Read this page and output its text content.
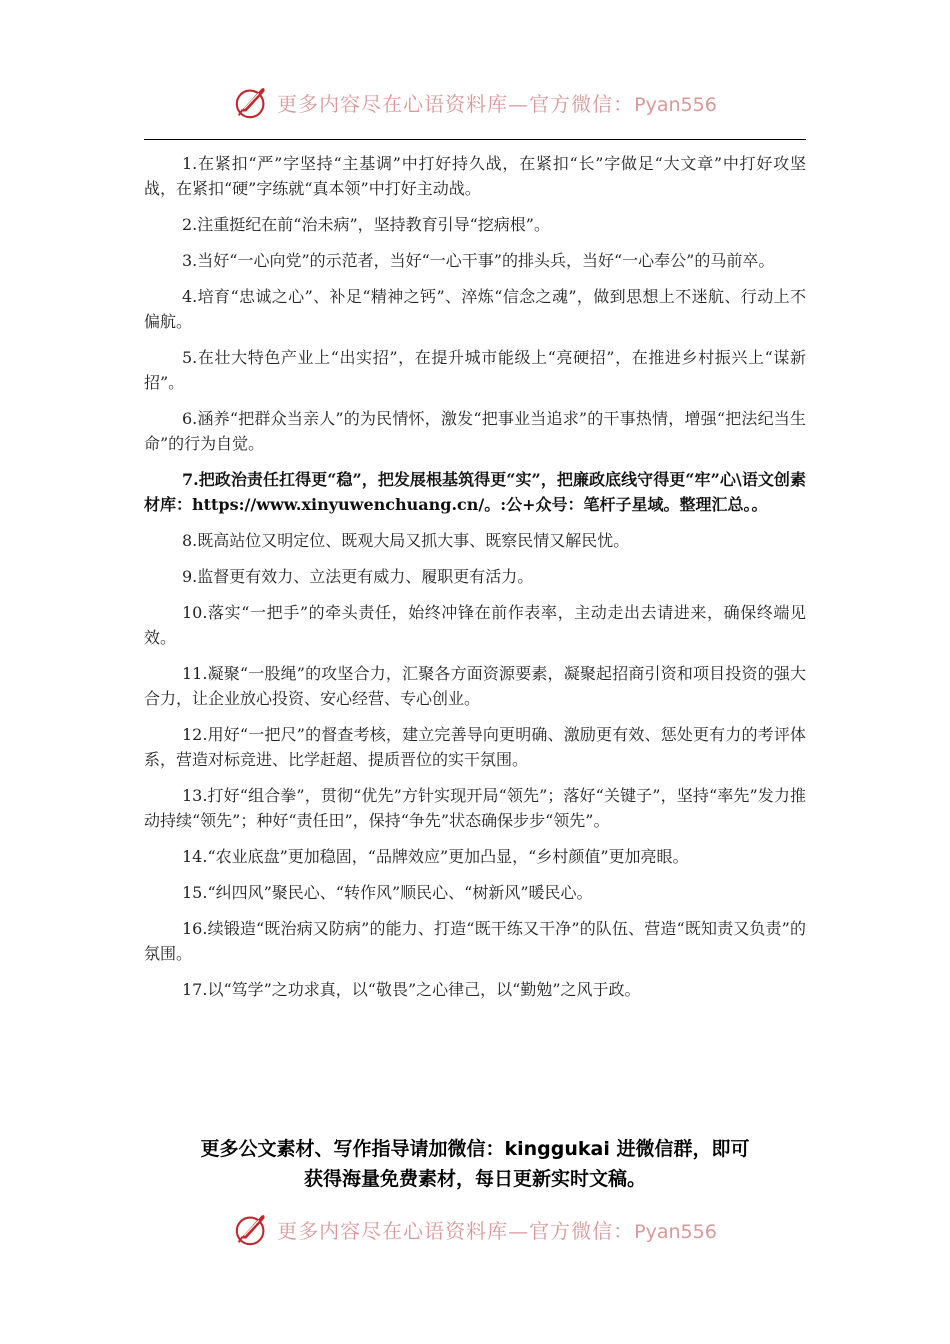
更多内容尽在心语资料库—官方微信：Pyan556

1.在紧扣“严”字坚持“主基调”中打好持久战，在紧扣“长”字做足“大文章”中打好攻坚战，在紧扣“硬”字练就“真本领”中打好主动战。

2.注重挺纪在前“治未病”，坚持教育引导“挖病根”。

3.当好“一心向党”的示范者，当好“一心干事”的排头兵，当好“一心奉公”的马前卒。

4.培育“忠诚之心”、补足“精神之钙”、淬炼“信念之魂”，做到思想上不迷航、行动上不偏航。

5.在壮大特色产业上“出实招”，在提升城市能级上“亮硬招”，在推进乡村振兴上“谋新招”。

6.涵养“把群众当亲人”的为民情怀，激发“把事业当追求”的干事热情，增强“把法纪当生命”的行为自觉。

7.把政治责任扛得更“稳”，把发展根基筑得更“实”，把廉政底线守得更“牢”心\语文创素材库：https://www.xinyuwenchuang.cn/。:公+众号：笔杆子星域。整理汇总。。

8.既高站位又明定位、既观大局又抓大事、既察民情又解民忧。

9.监督更有效力、立法更有威力、履职更有活力。

10.落实“一把手”的牵头责任，始终冲锋在前作表率，主动走出去请进来，确保终端见效。

11.凝聚“一股绳”的攻坚合力，汇聚各方面资源要素，凝聚起招商引资和项目投资的强大合力，让企业放心投资、安心经营、专心创业。

12.用好“一把尺”的督查考核，建立完善导向更明确、激励更有效、惩处更有力的考评体系，营造对标竞进、比学赶超、提质晋位的实干氛围。

13.打好“组合拳”，贯彻“优先”方针实现开局“领先”；落好“关键子”，坚持“率先”发力推动持续“领先”；种好“责任田”，保持“争先”状态确保步步“领先”。

14.“农业底盘”更加稳固，“品牌效应”更加凸显，“乡村颜值”更加亮眼。

15.“纠四风”聚民心、“转作风”顺民心、“树新风”暖民心。

16.续锻造“既治病又防病”的能力、打造“既干练又干净”的队伍、营造“既知责又负责”的氛围。

17.以“笃学”之功求真，以“敬畏”之心律己，以“勤勉”之风于政。

更多公文素材、写作指导请加微信：kinggukai 进微信群，即可
获得海量免费素材，每日更新实时文稿。
更多内容尽在心语资料库—官方微信：Pyan556
